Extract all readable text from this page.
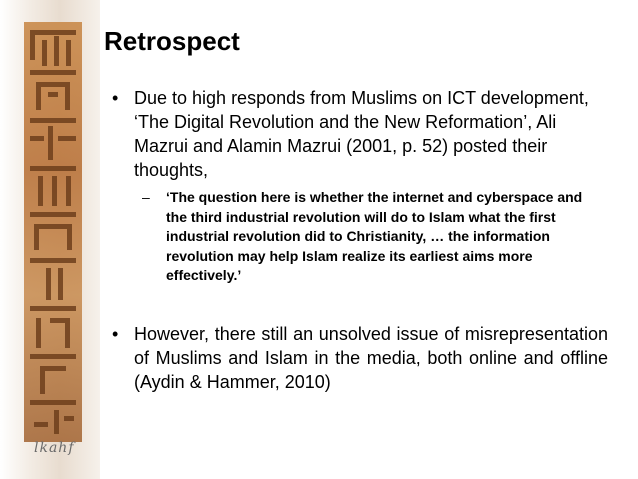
lkahf
Retrospect
• Due to high responds from Muslims on ICT development, ‘The Digital Revolution and the New Reformation’, Ali Mazrui and Alamin Mazrui (2001, p. 52) posted their thoughts,
– ‘The question here is whether the internet and cyberspace and the third industrial revolution will do to Islam what the first industrial revolution did to Christianity, … the information revolution may help Islam realize its earliest aims more effectively.’
• However, there still an unsolved issue of misrepresentation of Muslims and Islam in the media, both online and offline (Aydin & Hammer, 2010)
